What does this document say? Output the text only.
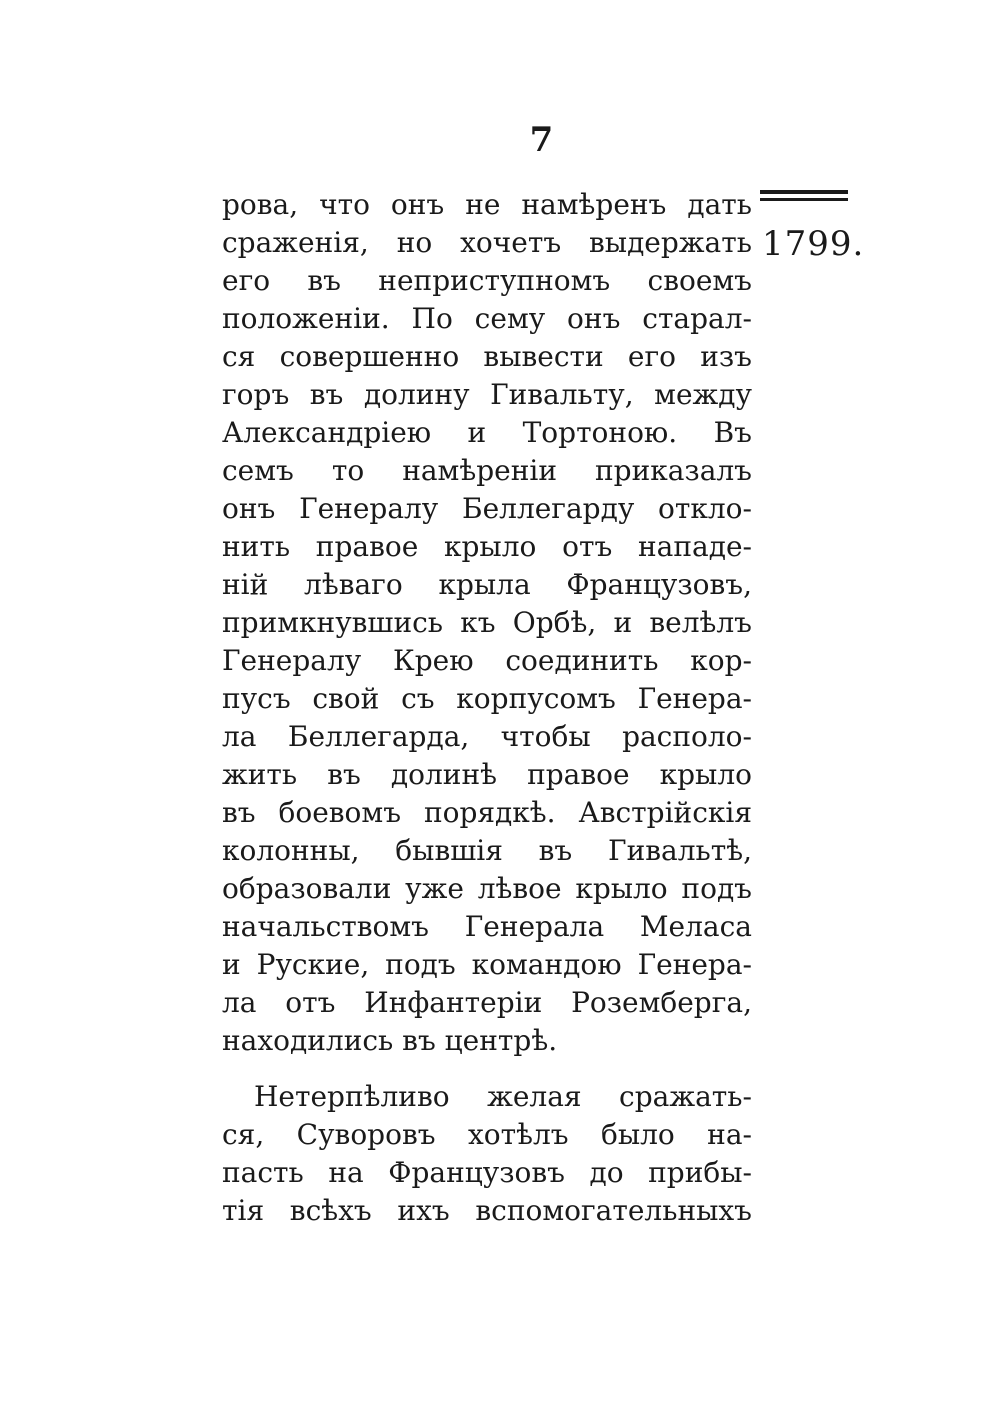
7
1799.
рова, что онъ не намѣренъ дать
сраженія, но хочетъ выдержать
его въ неприступномъ своемъ
положеніи. По сему онъ старал-
ся совершенно вывести его изъ
горъ въ долину Гивальту, между
Александріею и Тортоною. Въ
семъ то намѣреніи приказалъ
онъ Генералу Беллегарду откло-
нить правое крыло отъ нападе-
ній лѣваго крыла Французовъ,
примкнувшись къ Орбѣ, и велѣлъ
Генералу Крею соединить кор-
пусъ свой съ корпусомъ Генера-
ла Беллегарда, чтобы располо-
жить въ долинѣ правое крыло
въ боевомъ порядкѣ. Австрійскія
колонны, бывшія въ Гивальтѣ,
образовали уже лѣвое крыло подъ
начальствомъ Генерала Меласа
и Руские, подъ командою Генера-
ла отъ Инфантеріи Роземберга,
находились въ центрѣ.
Нетерпѣливо желая сражать-
ся, Суворовъ хотѣлъ было на-
пасть на Французовъ до прибы-
тія всѣхъ ихъ вспомогательныхъ
